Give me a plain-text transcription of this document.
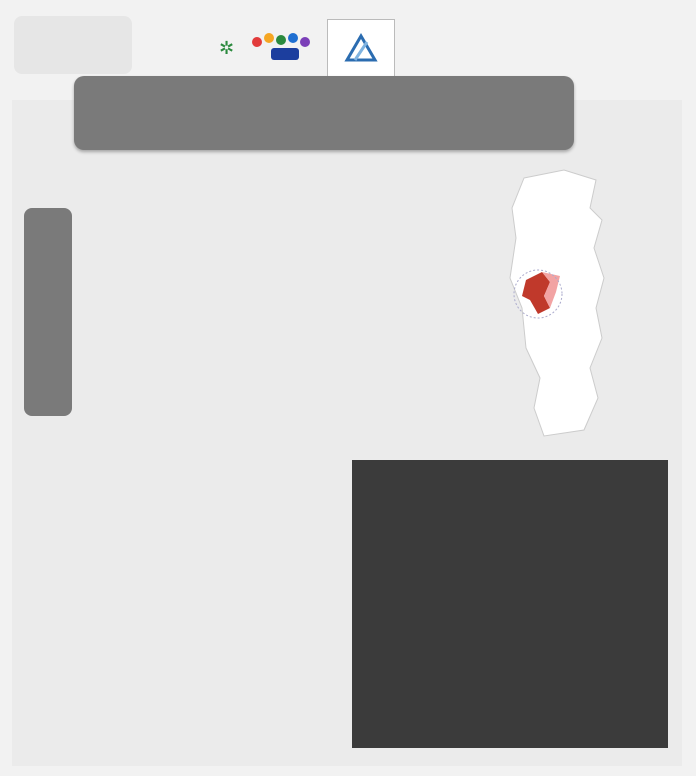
✲
